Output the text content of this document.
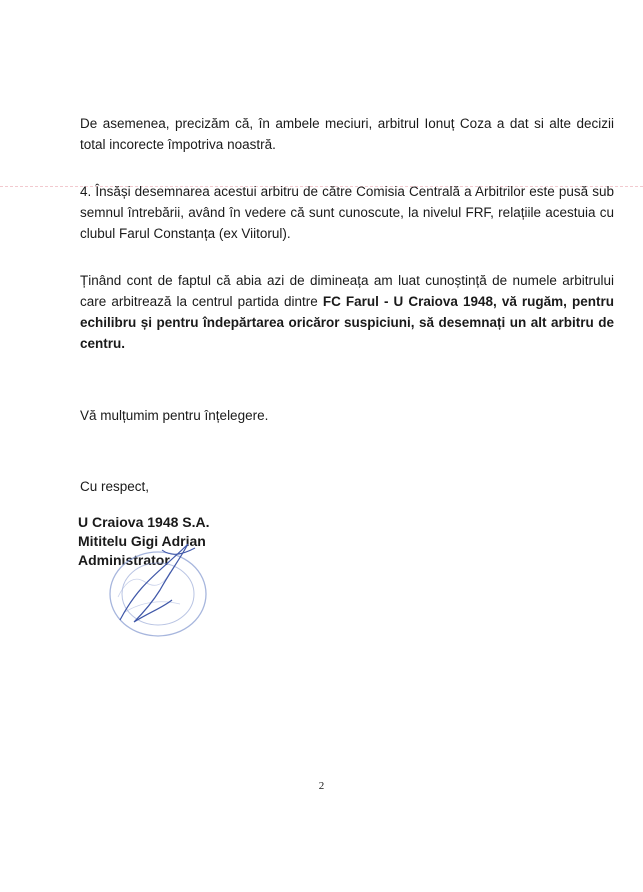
De asemenea, precizăm că, în ambele meciuri, arbitrul Ionuț Coza a dat si alte decizii total incorecte împotriva noastră.

4. Însăși desemnarea acestui arbitru de către Comisia Centrală a Arbitrilor este pusă sub semnul întrebării, având în vedere că sunt cunoscute, la nivelul FRF, relațiile acestuia cu clubul Farul Constanța (ex Viitorul).

Ținând cont de faptul că abia azi de dimineața am luat cunoștință de numele arbitrului care arbitrează la centrul partida dintre FC Farul - U Craiova 1948, vă rugăm, pentru echilibru și pentru îndepărtarea oricăror suspiciuni, să desemnați un alt arbitru de centru.

Vă mulțumim pentru înțelegere.

Cu respect,

U Craiova 1948 S.A.
Mititelu Gigi Adrian
Administrator
2
